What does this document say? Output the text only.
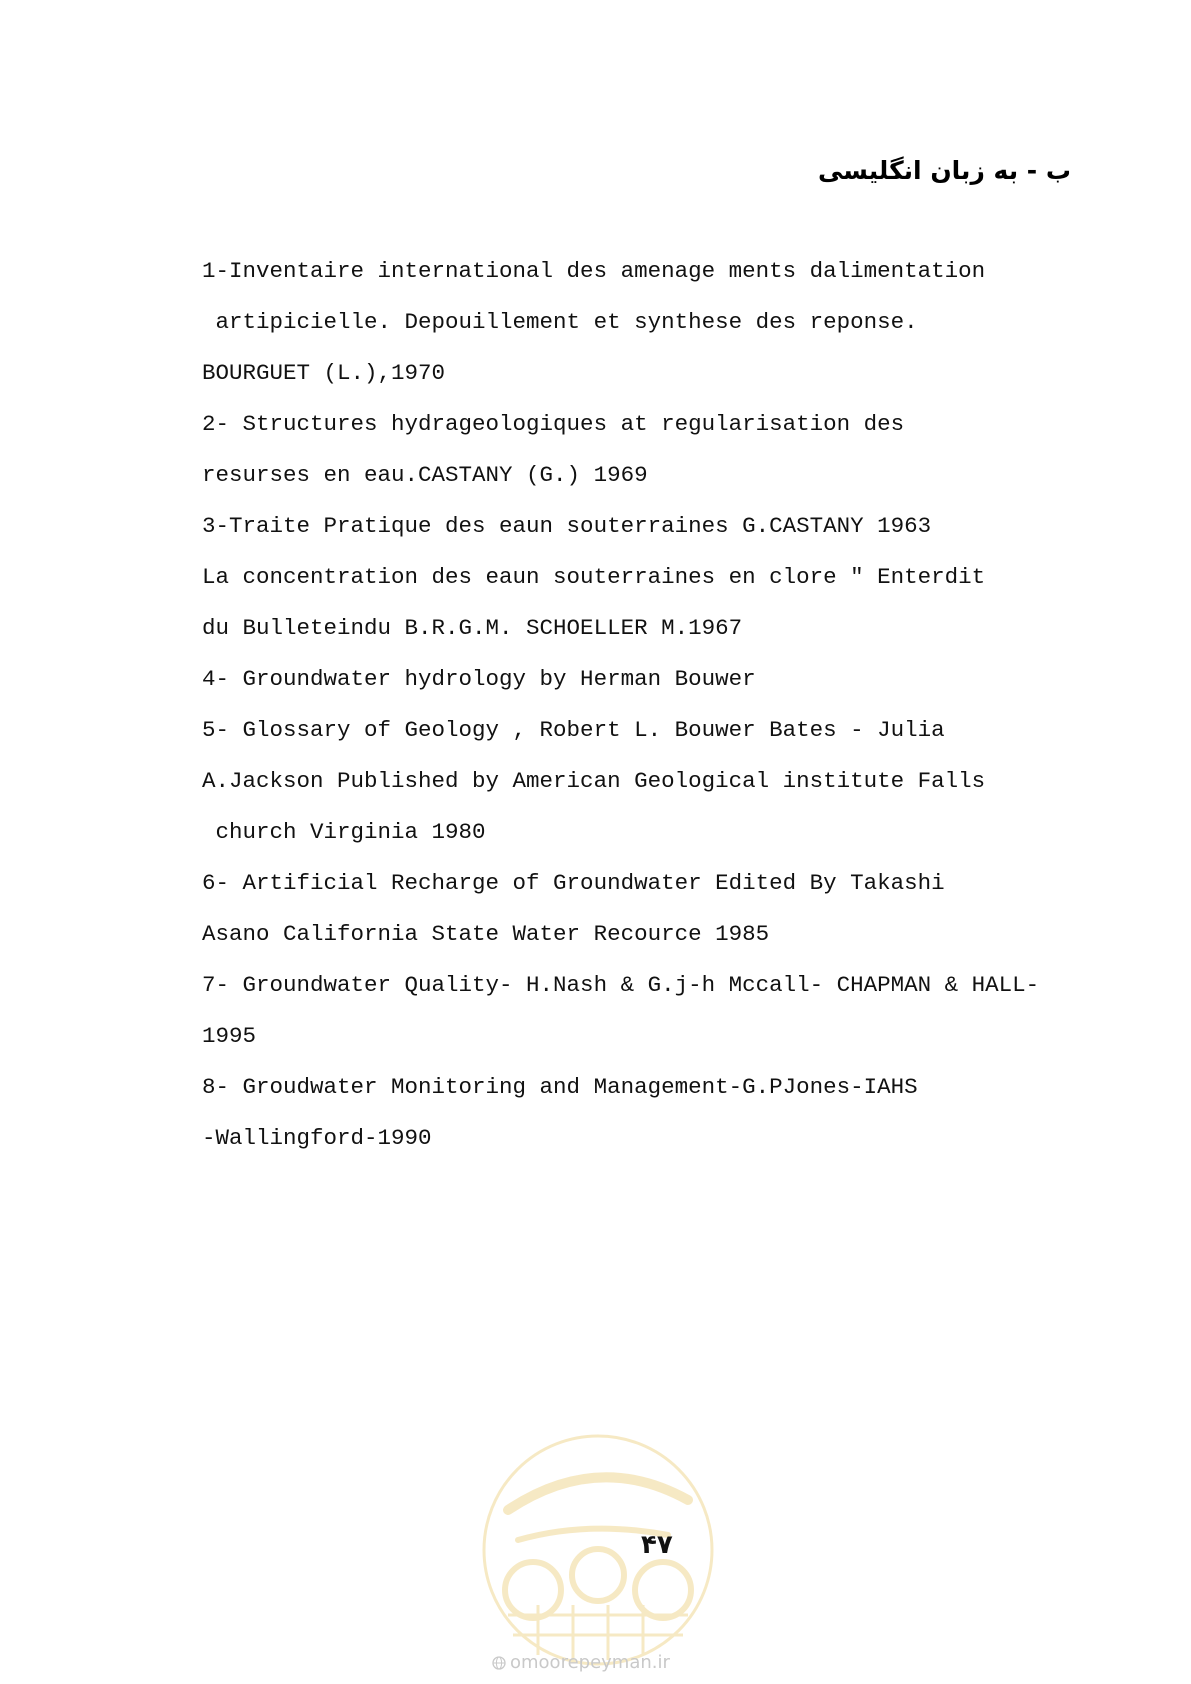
ب - به زبان انگلیسی
1-Inventaire international des amenage ments dalimentation
artipicielle. Depouillement et synthese des reponse.
BOURGUET (L.),1970
2- Structures hydrageologiques at regularisation des
resurses en eau.CASTANY (G.) 1969
3-Traite Pratique des eaun souterraines G.CASTANY 1963
La concentration des eaun souterraines en clore " Enterdit
du Bulleteindu B.R.G.M. SCHOELLER M.1967
4- Groundwater hydrology by Herman Bouwer
5- Glossary of Geology , Robert L. Bouwer Bates - Julia
A.Jackson Published by American Geological institute Falls
church Virginia 1980
6- Artificial Recharge of Groundwater Edited By Takashi
Asano California State Water Recource 1985
7- Groundwater Quality- H.Nash & G.j-h Mccall- CHAPMAN & HALL-
1995
8- Groudwater Monitoring and Management-G.PJones-IAHS
-Wallingford-1990
۴۷
omoorepeyman.ir
